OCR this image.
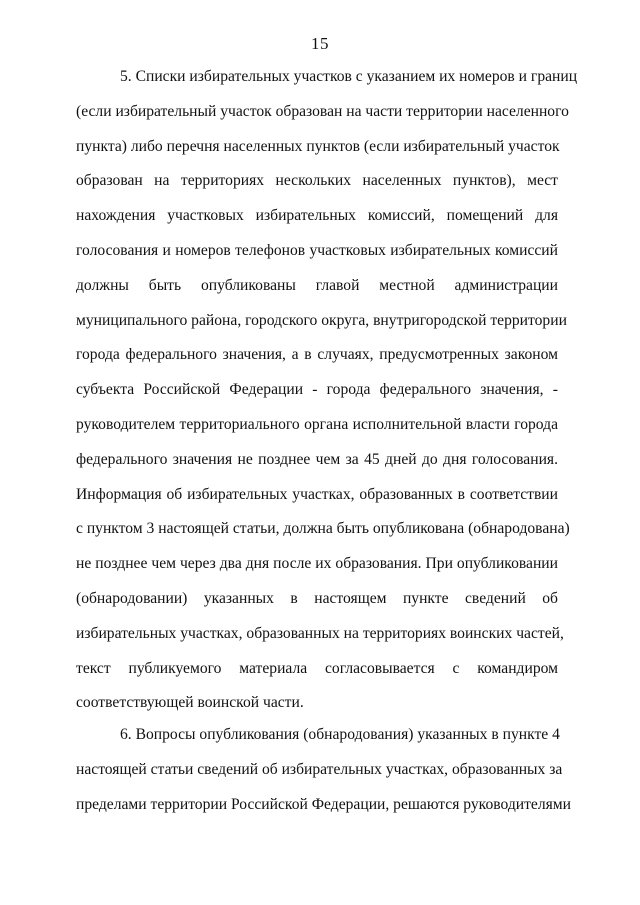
15
5. Списки избирательных участков с указанием их номеров и границ
(если избирательный участок образован на части территории населенного
пункта) либо перечня населенных пунктов (если избирательный участок
образован на территориях нескольких населенных пунктов), мест
нахождения участковых избирательных комиссий, помещений для
голосования и номеров телефонов участковых избирательных комиссий
должны быть опубликованы главой местной администрации
муниципального района, городского округа, внутригородской территории
города федерального значения, а в случаях, предусмотренных законом
субъекта Российской Федерации - города федерального значения, -
руководителем территориального органа исполнительной власти города
федерального значения не позднее чем за 45 дней до дня голосования.
Информация об избирательных участках, образованных в соответствии
с пунктом 3 настоящей статьи, должна быть опубликована (обнародована)
не позднее чем через два дня после их образования. При опубликовании
(обнародовании) указанных в настоящем пункте сведений об
избирательных участках, образованных на территориях воинских частей,
текст публикуемого материала согласовывается с командиром
соответствующей воинской части.
6. Вопросы опубликования (обнародования) указанных в пункте 4
настоящей статьи сведений об избирательных участках, образованных за
пределами территории Российской Федерации, решаются руководителями
